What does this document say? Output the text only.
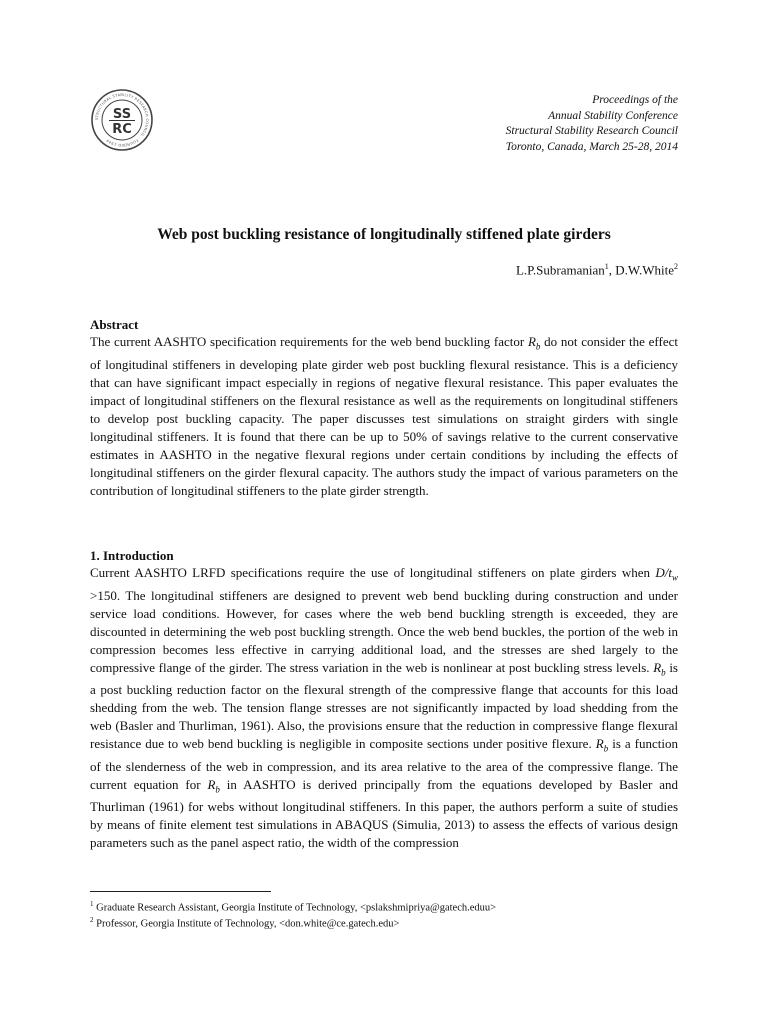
STRUCTURAL STABILITY RESEARCH COUNCIL · FOUNDED 1944
SS
RC
Proceedings of the
Annual Stability Conference
Structural Stability Research Council
Toronto, Canada, March 25-28, 2014
Web post buckling resistance of longitudinally stiffened plate girders
L.P.Subramanian$^1$, D.W.White$^2$
Abstract

The current AASHTO specification requirements for the web bend buckling factor $R_b$ do not consider the effect of longitudinal stiffeners in developing plate girder web post buckling flexural resistance. This is a deficiency that can have significant impact especially in regions of negative flexural resistance. This paper evaluates the impact of longitudinal stiffeners on the flexural resistance as well as the requirements on longitudinal stiffeners to develop post buckling capacity. The paper discusses test simulations on straight girders with single longitudinal stiffeners. It is found that there can be up to 50% of savings relative to the current conservative estimates in AASHTO in the negative flexural regions under certain conditions by including the effects of longitudinal stiffeners on the girder flexural capacity. The authors study the impact of various parameters on the contribution of longitudinal stiffeners to the plate girder strength.

1. Introduction

Current AASHTO LRFD specifications require the use of longitudinal stiffeners on plate girders when $D/t_w >150$. The longitudinal stiffeners are designed to prevent web bend buckling during construction and under service load conditions. However, for cases where the web bend buckling strength is exceeded, they are discounted in determining the web post buckling strength. Once the web bend buckles, the portion of the web in compression becomes less effective in carrying additional load, and the stresses are shed largely to the compressive flange of the girder. The stress variation in the web is nonlinear at post buckling stress levels. $R_b$ is a post buckling reduction factor on the flexural strength of the compressive flange that accounts for this load shedding from the web. The tension flange stresses are not significantly impacted by load shedding from the web (Basler and Thurliman, 1961). Also, the provisions ensure that the reduction in compressive flange flexural resistance due to web bend buckling is negligible in composite sections under positive flexure. $R_b$ is a function of the slenderness of the web in compression, and its area relative to the area of the compressive flange. The current equation for $R_b$ in AASHTO is derived principally from the equations developed by Basler and Thurliman (1961) for webs without longitudinal stiffeners. In this paper, the authors perform a suite of studies by means of finite element test simulations in ABAQUS (Simulia, 2013) to assess the effects of various design parameters such as the panel aspect ratio, the width of the compression

$^1$ Graduate Research Assistant, Georgia Institute of Technology, <pslakshmipriya@gatech.eduu>
$^2$ Professor, Georgia Institute of Technology, <don.white@ce.gatech.edu>
